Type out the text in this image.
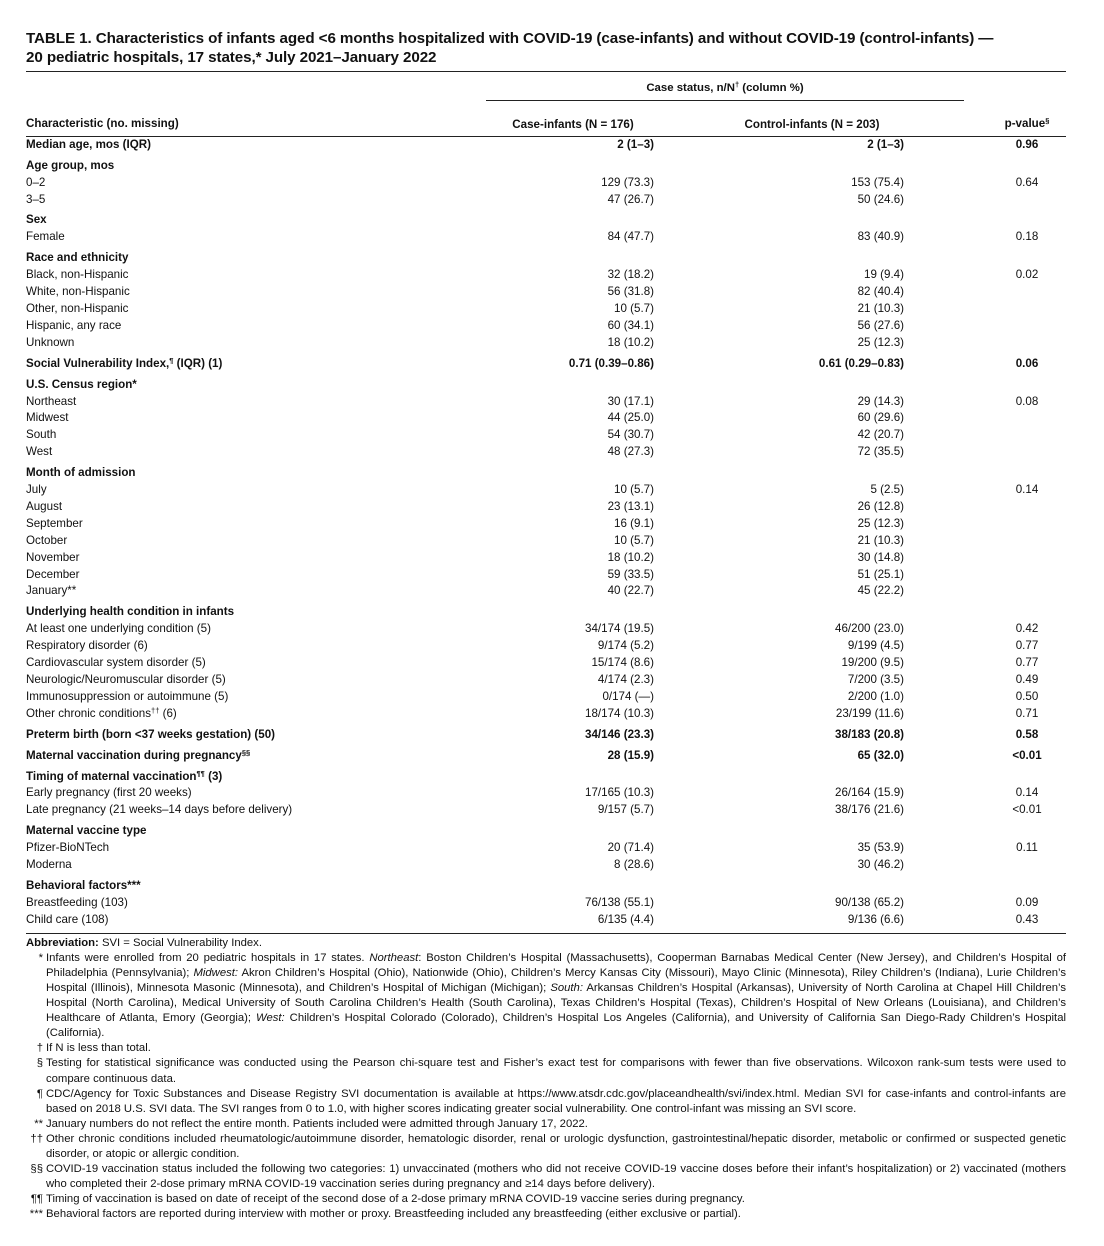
TABLE 1. Characteristics of infants aged <6 months hospitalized with COVID-19 (case-infants) and without COVID-19 (control-infants) —
20 pediatric hospitals, 17 states,* July 2021–January 2022
	Case status, n/N† (column %)		
Characteristic (no. missing)	Case-infants (N = 176)	Control-infants (N = 203)	p-value§
Median age, mos (IQR)	2 (1–3)	2 (1–3)	0.96
Age group, mos			
0–2	129 (73.3)	153 (75.4)	0.64
3–5	47 (26.7)	50 (24.6)	
Sex			
Female	84 (47.7)	83 (40.9)	0.18
Race and ethnicity			
Black, non-Hispanic	32 (18.2)	19 (9.4)	0.02
White, non-Hispanic	56 (31.8)	82 (40.4)	
Other, non-Hispanic	10 (5.7)	21 (10.3)	
Hispanic, any race	60 (34.1)	56 (27.6)	
Unknown	18 (10.2)	25 (12.3)	
Social Vulnerability Index,¶ (IQR) (1)	0.71 (0.39–0.86)	0.61 (0.29–0.83)	0.06
U.S. Census region*			
Northeast	30 (17.1)	29 (14.3)	0.08
Midwest	44 (25.0)	60 (29.6)	
South	54 (30.7)	42 (20.7)	
West	48 (27.3)	72 (35.5)	
Month of admission			
July	10 (5.7)	5 (2.5)	0.14
August	23 (13.1)	26 (12.8)	
September	16 (9.1)	25 (12.3)	
October	10 (5.7)	21 (10.3)	
November	18 (10.2)	30 (14.8)	
December	59 (33.5)	51 (25.1)	
January**	40 (22.7)	45 (22.2)	
Underlying health condition in infants			
At least one underlying condition (5)	34/174 (19.5)	46/200 (23.0)	0.42
Respiratory disorder (6)	9/174 (5.2)	9/199 (4.5)	0.77
Cardiovascular system disorder (5)	15/174 (8.6)	19/200 (9.5)	0.77
Neurologic/Neuromuscular disorder (5)	4/174 (2.3)	7/200 (3.5)	0.49
Immunosuppression or autoimmune (5)	0/174 (—)	2/200 (1.0)	0.50
Other chronic conditions†† (6)	18/174 (10.3)	23/199 (11.6)	0.71
Preterm birth (born <37 weeks gestation) (50)	34/146 (23.3)	38/183 (20.8)	0.58
Maternal vaccination during pregnancy§§	28 (15.9)	65 (32.0)	<0.01
Timing of maternal vaccination¶¶ (3)			
Early pregnancy (first 20 weeks)	17/165 (10.3)	26/164 (15.9)	0.14
Late pregnancy (21 weeks–14 days before delivery)	9/157 (5.7)	38/176 (21.6)	<0.01
Maternal vaccine type			
Pfizer-BioNTech	20 (71.4)	35 (53.9)	0.11
Moderna	8 (28.6)	30 (46.2)	
Behavioral factors***			
Breastfeeding (103)	76/138 (55.1)	90/138 (65.2)	0.09
Child care (108)	6/135 (4.4)	9/136 (6.6)	0.43
Abbreviation: SVI = Social Vulnerability Index.
* Infants were enrolled from 20 pediatric hospitals in 17 states. Northeast: Boston Children’s Hospital (Massachusetts), Cooperman Barnabas Medical Center (New Jersey), and Children’s Hospital of Philadelphia (Pennsylvania); Midwest: Akron Children’s Hospital (Ohio), Nationwide (Ohio), Children’s Mercy Kansas City (Missouri), Mayo Clinic (Minnesota), Riley Children’s (Indiana), Lurie Children’s Hospital (Illinois), Minnesota Masonic (Minnesota), and Children’s Hospital of Michigan (Michigan); South: Arkansas Children’s Hospital (Arkansas), University of North Carolina at Chapel Hill Children’s Hospital (North Carolina), Medical University of South Carolina Children’s Health (South Carolina), Texas Children’s Hospital (Texas), Children’s Hospital of New Orleans (Louisiana), and Children’s Healthcare of Atlanta, Emory (Georgia); West: Children’s Hospital Colorado (Colorado), Children’s Hospital Los Angeles (California), and University of California San Diego-Rady Children’s Hospital (California).
† If N is less than total.
§ Testing for statistical significance was conducted using the Pearson chi-square test and Fisher’s exact test for comparisons with fewer than five observations. Wilcoxon rank-sum tests were used to compare continuous data.
¶ CDC/Agency for Toxic Substances and Disease Registry SVI documentation is available at https://www.atsdr.cdc.gov/placeandhealth/svi/index.html. Median SVI for case-infants and control-infants are based on 2018 U.S. SVI data. The SVI ranges from 0 to 1.0, with higher scores indicating greater social vulnerability. One control-infant was missing an SVI score.
** January numbers do not reflect the entire month. Patients included were admitted through January 17, 2022.
†† Other chronic conditions included rheumatologic/autoimmune disorder, hematologic disorder, renal or urologic dysfunction, gastrointestinal/hepatic disorder, metabolic or confirmed or suspected genetic disorder, or atopic or allergic condition.
§§ COVID-19 vaccination status included the following two categories: 1) unvaccinated (mothers who did not receive COVID-19 vaccine doses before their infant’s hospitalization) or 2) vaccinated (mothers who completed their 2-dose primary mRNA COVID-19 vaccination series during pregnancy and ≥14 days before delivery).
¶¶ Timing of vaccination is based on date of receipt of the second dose of a 2-dose primary mRNA COVID-19 vaccine series during pregnancy.
*** Behavioral factors are reported during interview with mother or proxy. Breastfeeding included any breastfeeding (either exclusive or partial).
